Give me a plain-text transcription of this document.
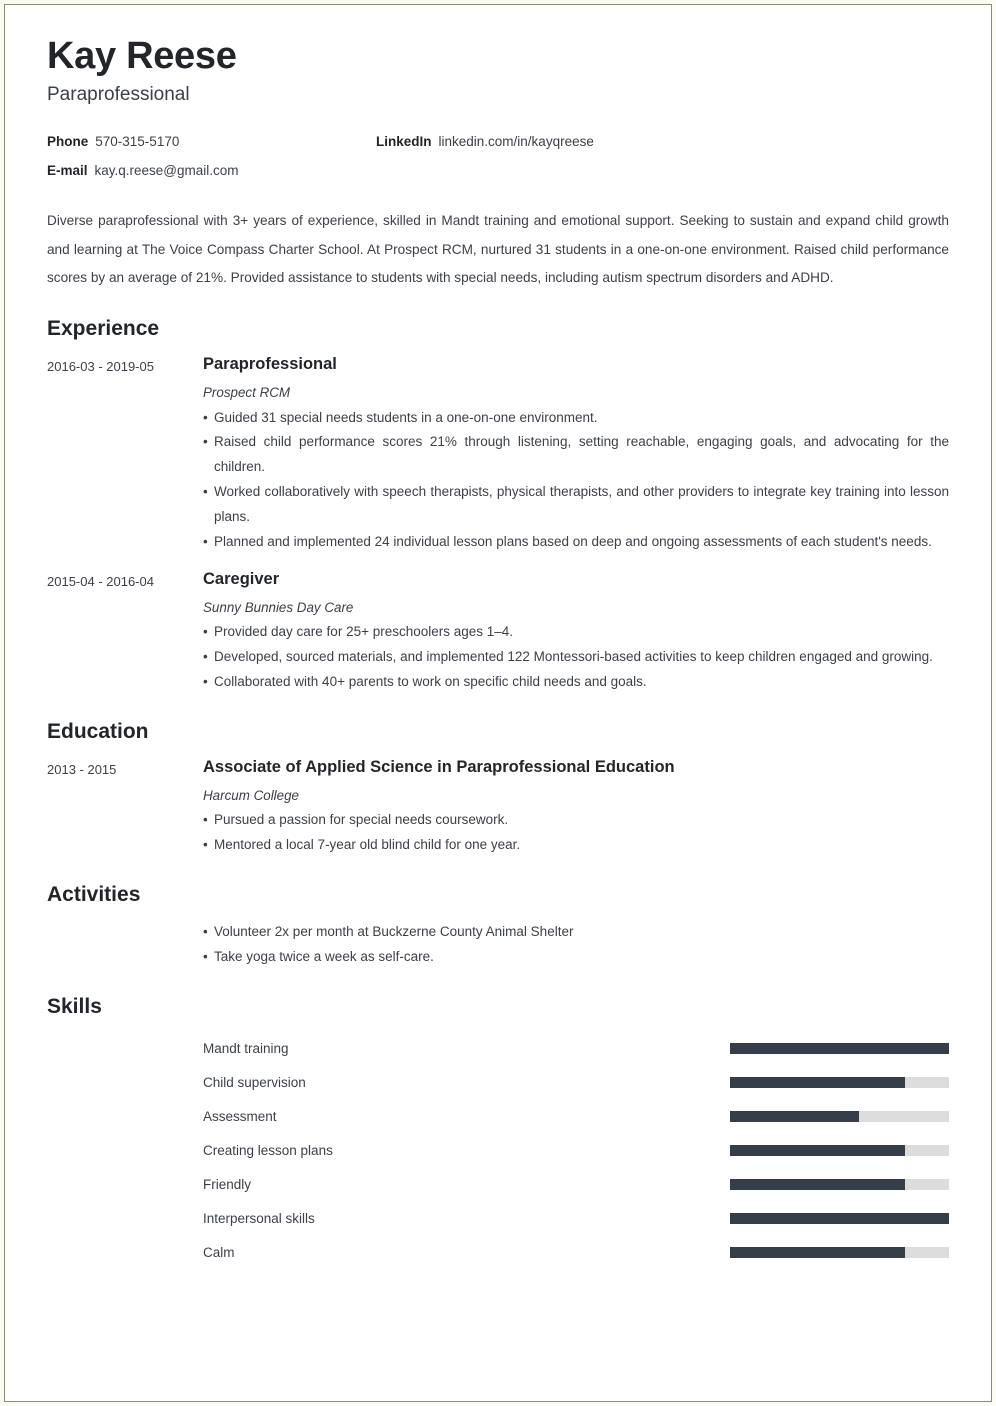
Kay Reese
Paraprofessional
Phone 570-315-5170	LinkedIn linkedin.com/in/kayqreese
E-mail kay.q.reese@gmail.com
Diverse paraprofessional with 3+ years of experience, skilled in Mandt training and emotional support. Seeking to sustain and expand child growth and learning at The Voice Compass Charter School. At Prospect RCM, nurtured 31 students in a one-on-one environment. Raised child performance scores by an average of 21%. Provided assistance to students with special needs, including autism spectrum disorders and ADHD.
Experience
2016-03 - 2019-05	Paraprofessional
Prospect RCM
• Guided 31 special needs students in a one-on-one environment.
• Raised child performance scores 21% through listening, setting reachable, engaging goals, and advocating for the children.
• Worked collaboratively with speech therapists, physical therapists, and other providers to integrate key training into lesson plans.
• Planned and implemented 24 individual lesson plans based on deep and ongoing assessments of each student's needs.
2015-04 - 2016-04	Caregiver
Sunny Bunnies Day Care
• Provided day care for 25+ preschoolers ages 1–4.
• Developed, sourced materials, and implemented 122 Montessori-based activities to keep children engaged and growing.
• Collaborated with 40+ parents to work on specific child needs and goals.
Education
2013 - 2015	Associate of Applied Science in Paraprofessional Education
Harcum College
• Pursued a passion for special needs coursework.
• Mentored a local 7-year old blind child for one year.
Activities
• Volunteer 2x per month at Buckzerne County Animal Shelter
• Take yoga twice a week as self-care.
Skills
Mandt training
Child supervision
Assessment
Creating lesson plans
Friendly
Interpersonal skills
Calm
